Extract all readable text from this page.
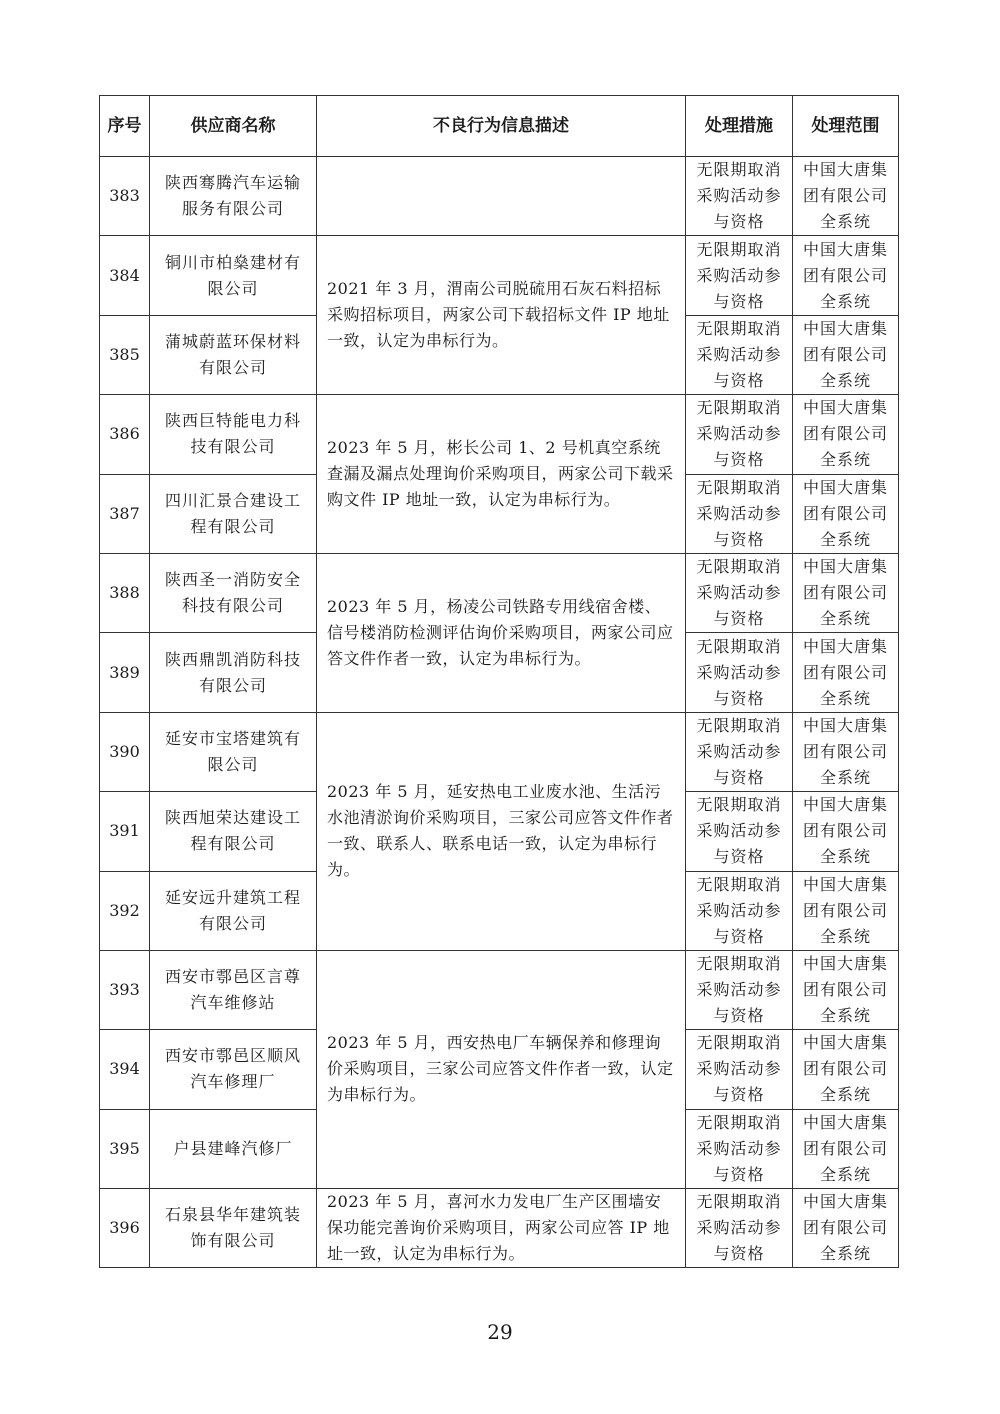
序号	供应商名称	不良行为信息描述	处理措施	处理范围
383	陕西骞腾汽车运输服务有限公司		无限期取消采购活动参与资格	中国大唐集团有限公司全系统
384	铜川市柏燊建材有限公司	2021 年 3 月，渭南公司脱硫用石灰石料招标采购招标项目，两家公司下载招标文件 IP 地址一致，认定为串标行为。	无限期取消采购活动参与资格	中国大唐集团有限公司全系统
385	蒲城蔚蓝环保材料有限公司		无限期取消采购活动参与资格	中国大唐集团有限公司全系统
386	陕西巨特能电力科技有限公司	2023 年 5 月，彬长公司 1、2 号机真空系统查漏及漏点处理询价采购项目，两家公司下载采购文件 IP 地址一致，认定为串标行为。	无限期取消采购活动参与资格	中国大唐集团有限公司全系统
387	四川汇景合建设工程有限公司		无限期取消采购活动参与资格	中国大唐集团有限公司全系统
388	陕西圣一消防安全科技有限公司	2023 年 5 月，杨凌公司铁路专用线宿舍楼、信号楼消防检测评估询价采购项目，两家公司应答文件作者一致，认定为串标行为。	无限期取消采购活动参与资格	中国大唐集团有限公司全系统
389	陕西鼎凯消防科技有限公司		无限期取消采购活动参与资格	中国大唐集团有限公司全系统
390	延安市宝塔建筑有限公司	2023 年 5 月，延安热电工业废水池、生活污水池清淤询价采购项目，三家公司应答文件作者一致、联系人、联系电话一致，认定为串标行为。	无限期取消采购活动参与资格	中国大唐集团有限公司全系统
391	陕西旭荣达建设工程有限公司		无限期取消采购活动参与资格	中国大唐集团有限公司全系统
392	延安远升建筑工程有限公司		无限期取消采购活动参与资格	中国大唐集团有限公司全系统
393	西安市鄠邑区言尊汽车维修站	2023 年 5 月，西安热电厂车辆保养和修理询价采购项目，三家公司应答文件作者一致，认定为串标行为。	无限期取消采购活动参与资格	中国大唐集团有限公司全系统
394	西安市鄠邑区顺风汽车修理厂		无限期取消采购活动参与资格	中国大唐集团有限公司全系统
395	户县建峰汽修厂		无限期取消采购活动参与资格	中国大唐集团有限公司全系统
396	石泉县华年建筑装饰有限公司	2023 年 5 月，喜河水力发电厂生产区围墙安保功能完善询价采购项目，两家公司应答 IP 地址一致，认定为串标行为。	无限期取消采购活动参与资格	中国大唐集团有限公司全系统
29
